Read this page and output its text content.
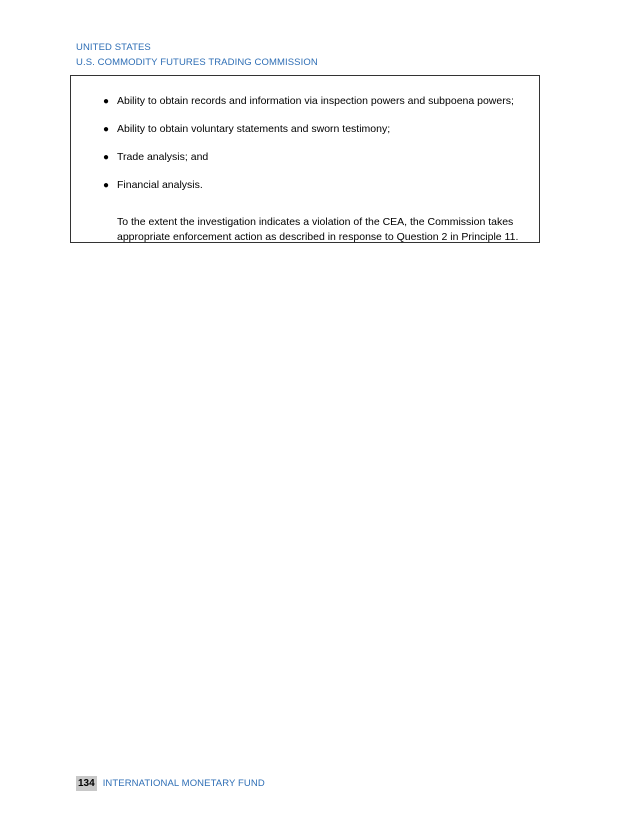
UNITED STATES
U.S. COMMODITY FUTURES TRADING COMMISSION
● Ability to obtain records and information via inspection powers and subpoena powers;
● Ability to obtain voluntary statements and sworn testimony;
● Trade analysis; and
● Financial analysis.
To the extent the investigation indicates a violation of the CEA, the Commission takes appropriate enforcement action as described in response to Question 2 in Principle 11.
134 INTERNATIONAL MONETARY FUND
